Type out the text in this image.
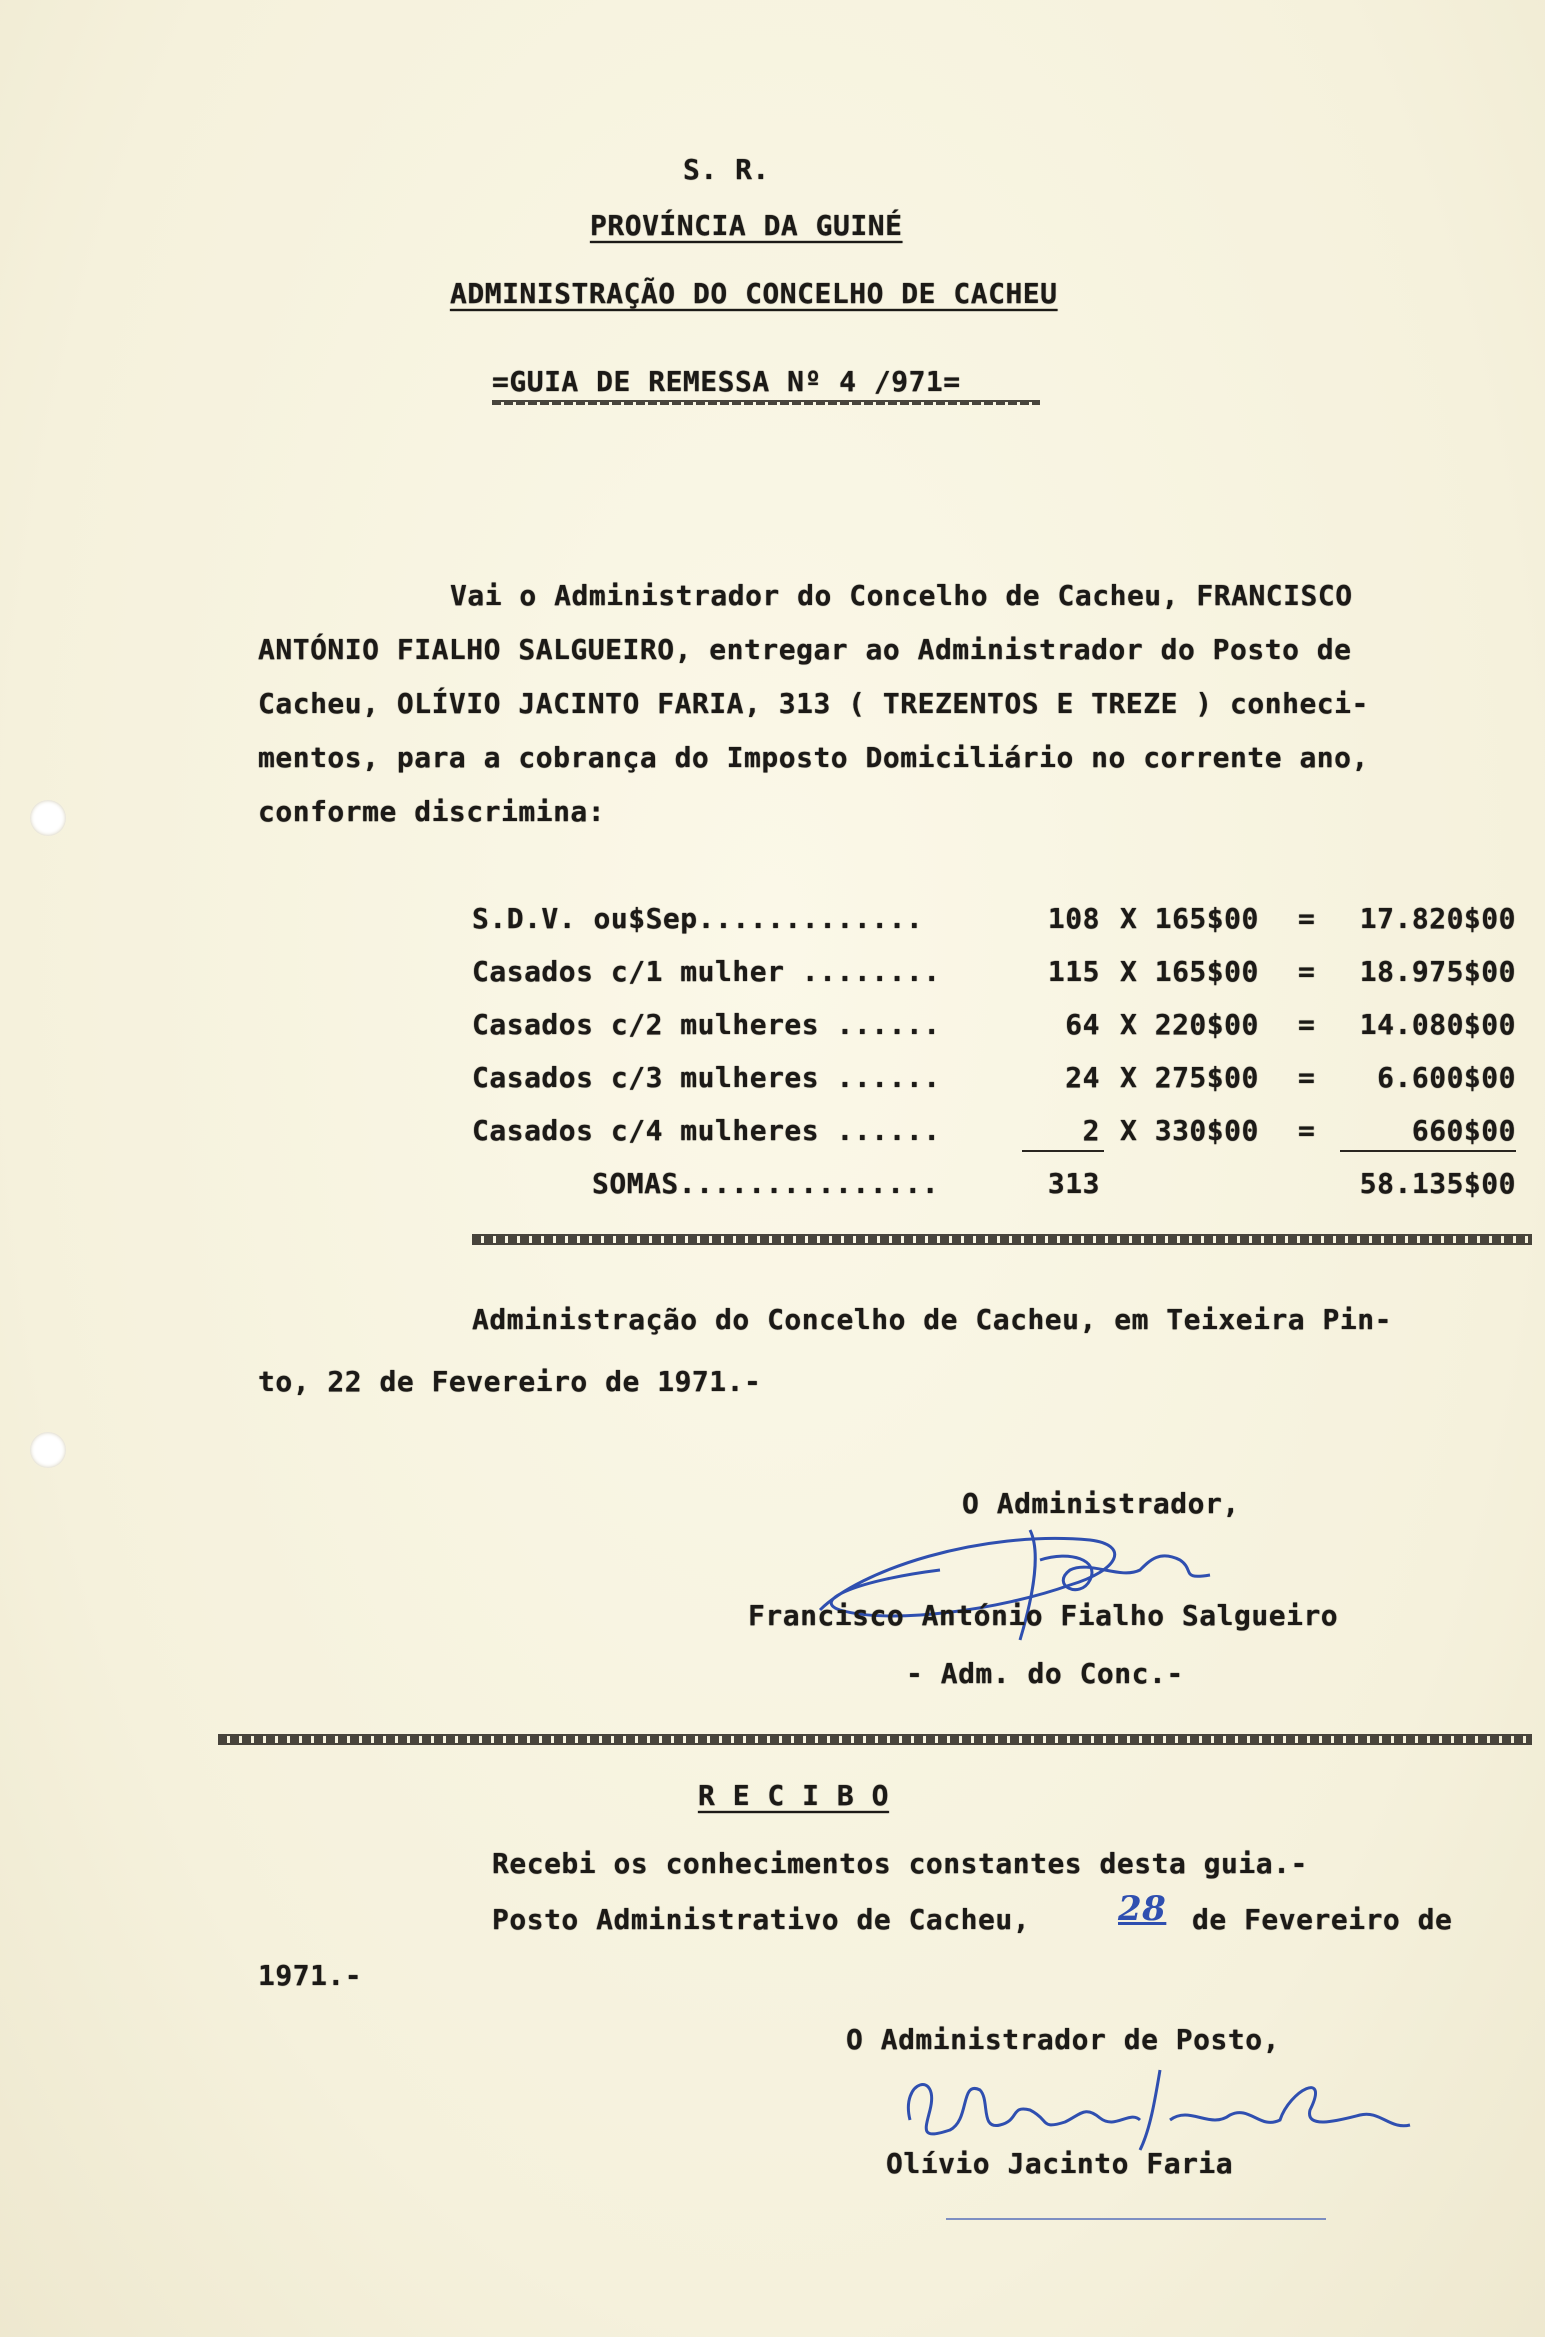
S. R.
PROVÍNCIA DA GUINÉ
ADMINISTRAÇÃO DO CONCELHO DE CACHEU
=GUIA DE REMESSA Nº 4 /971=
Vai o Administrador do Concelho de Cacheu, FRANCISCO
ANTÓNIO FIALHO SALGUEIRO, entregar ao Administrador do Posto de
Cacheu, OLÍVIO JACINTO FARIA, 313 ( TREZENTOS E TREZE ) conheci-
mentos, para a cobrança do Imposto Domiciliário no corrente ano,
conforme discrimina:
S.D.V. ou$Sep.............	108 X 165$00 =	17.820$00
Casados c/1 mulher ........	115 X 165$00 =	18.975$00
Casados c/2 mulheres ......	64 X 220$00 =	14.080$00
Casados c/3 mulheres ......	24 X 275$00 =	6.600$00
Casados c/4 mulheres ......	2 X 330$00 =	660$00
SOMAS...............	313	58.135$00
Administração do Concelho de Cacheu, em Teixeira Pin-
to, 22 de Fevereiro de 1971.-
O Administrador,
Francisco António Fialho Salgueiro
- Adm. do Conc.-
R E C I B O
Recebi os conhecimentos constantes desta guia.-
Posto Administrativo de Cacheu,	28 de Fevereiro de
1971.-
O Administrador de Posto,
Olívio Jacinto Faria
